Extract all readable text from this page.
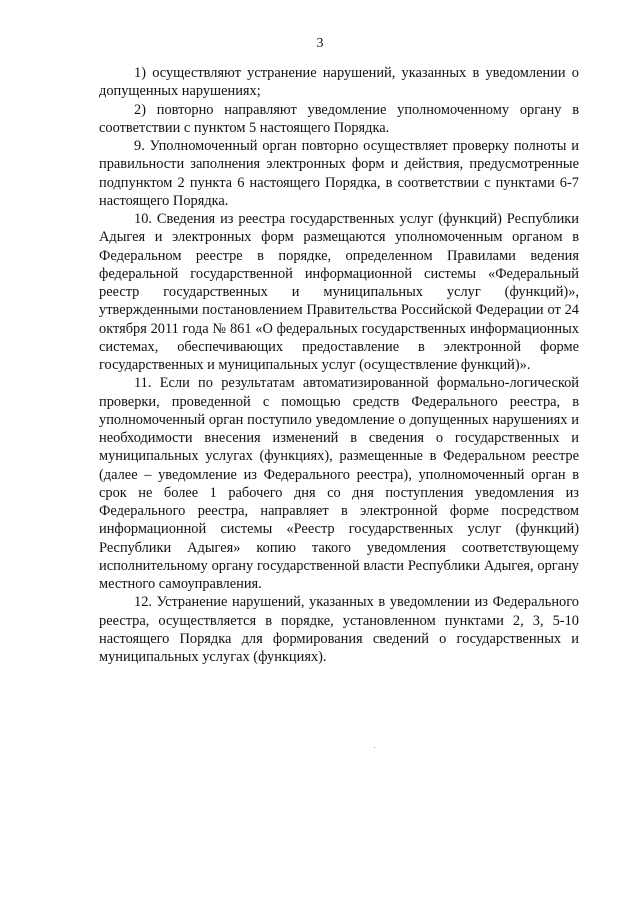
3

1) осуществляют устранение нарушений, указанных в уведомлении о допущенных нарушениях;

2) повторно направляют уведомление уполномоченному органу в соответствии с пунктом 5 настоящего Порядка.

9. Уполномоченный орган повторно осуществляет проверку полноты и правильности заполнения электронных форм и действия, предусмотренные подпунктом 2 пункта 6 настоящего Порядка, в соответствии с пунктами 6-7 настоящего Порядка.

10. Сведения из реестра государственных услуг (функций) Республики Адыгея и электронных форм размещаются уполномоченным органом в Федеральном реестре в порядке, определенном Правилами ведения федеральной государственной информационной системы «Федеральный реестр государственных и муниципальных услуг (функций)», утвержденными постановлением Правительства Российской Федерации от 24 октября 2011 года № 861 «О федеральных государственных информационных системах, обеспечивающих предоставление в электронной форме государственных и муниципальных услуг (осуществление функций)».

11. Если по результатам автоматизированной формально-логической проверки, проведенной с помощью средств Федерального реестра, в уполномоченный орган поступило уведомление о допущенных нарушениях и необходимости внесения изменений в сведения о государственных и муниципальных услугах (функциях), размещенные в Федеральном реестре (далее – уведомление из Федерального реестра), уполномоченный орган в срок не более 1 рабочего дня со дня поступления уведомления из Федерального реестра, направляет в электронной форме посредством информационной системы «Реестр государственных услуг (функций) Республики Адыгея» копию такого уведомления соответствующему исполнительному органу государственной власти Республики Адыгея, органу местного самоуправления.

12. Устранение нарушений, указанных в уведомлении из Федерального реестра, осуществляется в порядке, установленном пунктами 2, 3, 5-10 настоящего Порядка для формирования сведений о государственных и муниципальных услугах (функциях).
